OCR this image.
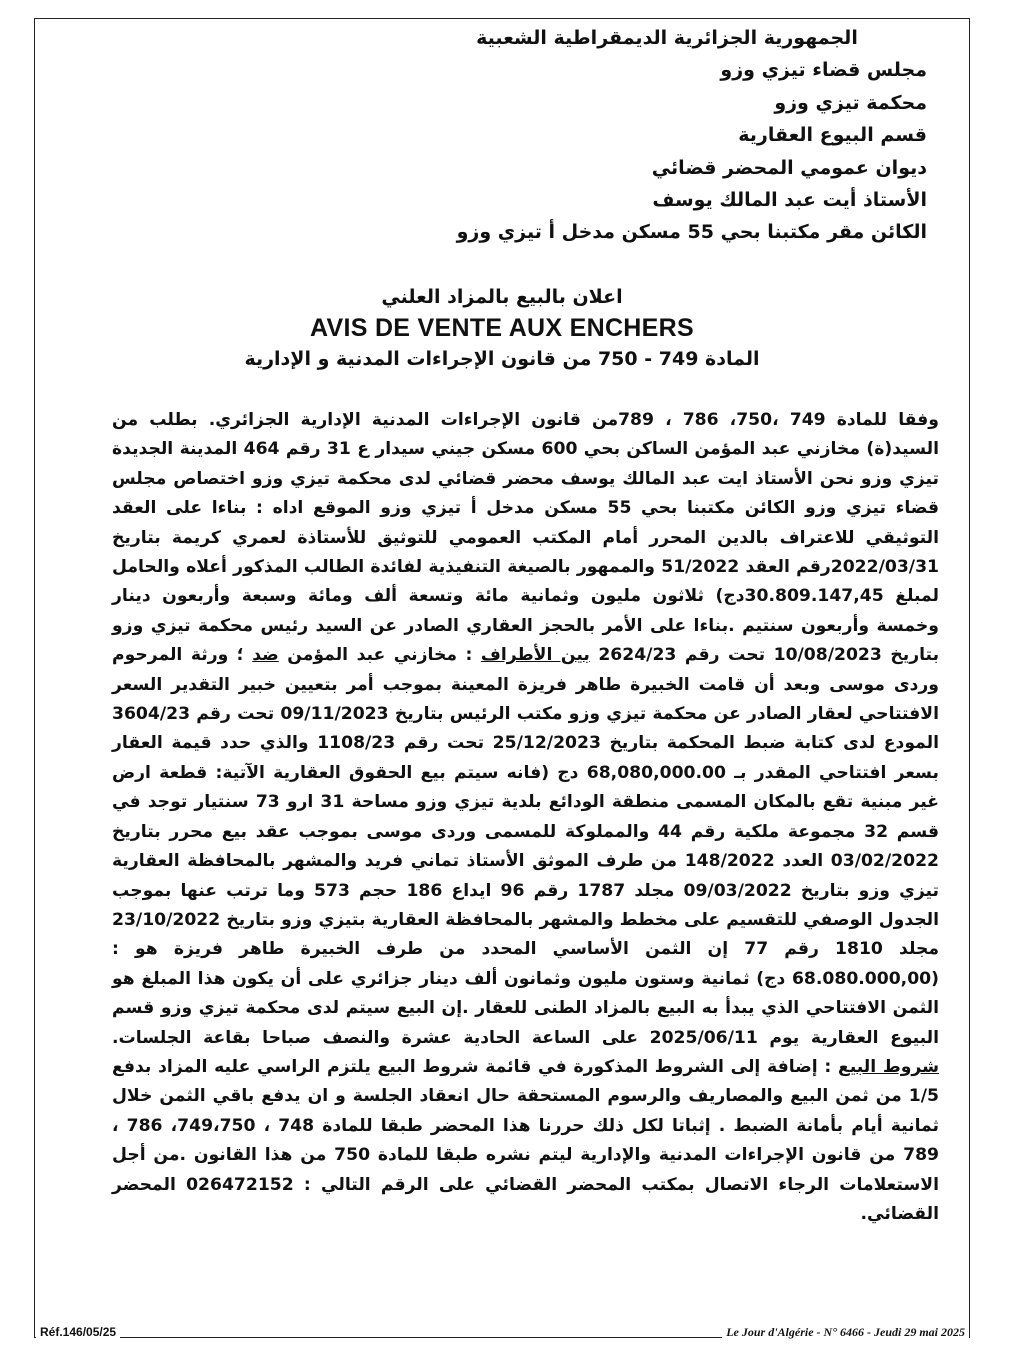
الجمهورية الجزائرية الديمقراطية الشعبية
مجلس قضاء تيزي وزو
محكمة تيزي وزو
قسم البيوع العقارية
ديوان عمومي المحضر قضائي
الأستاذ أيت عبد المالك يوسف
الكائن مقر مكتبنا بحي 55 مسكن مدخل أ تيزي وزو
اعلان بالبيع بالمزاد العلني
AVIS DE VENTE AUX ENCHERS
المادة 749 - 750 من قانون الإجراءات المدنية و الإدارية
وفقا للمادة 749 ،750، 786 ، 789من قانون الإجراءات المدنية الإدارية الجزائري. بطلب من السيد(ة) مخازني عبد المؤمن الساكن بحي 600 مسكن جيني سيدار ع 31 رقم 464 المدينة الجديدة تيزي وزو نحن الأستاذ ايت عبد المالك يوسف محضر قضائي لدى محكمة تيزي وزو اختصاص مجلس قضاء تيزي وزو الكائن مكتبنا بحي 55 مسكن مدخل أ تيزي وزو الموقع اداه : بناءا على العقد التوثيقي للاعتراف بالدين المحرر أمام المكتب العمومي للتوثيق للأستاذة لعمري كريمة بتاريخ 2022/03/31رقم العقد 51/2022 والممهور بالصيغة التنفيذية لفائدة الطالب المذكور أعلاه والحامل لمبلغ 30.809.147,45دج) ثلاثون مليون وثمانية مائة وتسعة ألف ومائة وسبعة وأربعون دينار وخمسة وأربعون سنتيم .بناءا على الأمر بالحجز العقاري الصادر عن السيد رئيس محكمة تيزي وزو بتاريخ 10/08/2023 تحت رقم 2624/23 بين الأطراف : مخازني عبد المؤمن ضد ؛ ورثة المرحوم وردى موسى وبعد أن قامت الخبيرة طاهر فريزة المعينة بموجب أمر بتعيين خبير التقدير السعر الافتتاحي لعقار الصادر عن محكمة تيزي وزو مكتب الرئيس بتاريخ 09/11/2023 تحت رقم 3604/23 المودع لدى كتابة ضبط المحكمة بتاريخ 25/12/2023 تحت رقم 1108/23 والذي حدد قيمة العقار بسعر افتتاحي المقدر بـ 68,080,000.00 دج (فانه سيتم بيع الحقوق العقارية الآتية: قطعة ارض غير مبنية تقع بالمكان المسمى منطقة الودائع بلدية تيزي وزو مساحة 31 ارو 73 سنتيار توجد في قسم 32 مجموعة ملكية رقم 44 والمملوكة للمسمى وردى موسى بموجب عقد بيع محرر بتاريخ 03/02/2022 العدد 148/2022 من طرف الموثق الأستاذ تماني فريد والمشهر بالمحافظة العقارية تيزي وزو بتاريخ 09/03/2022 مجلد 1787 رقم 96 ايداع 186 حجم 573 وما ترتب عنها بموجب الجدول الوصفي للتقسيم على مخطط والمشهر بالمحافظة العقارية بتيزي وزو بتاريخ 23/10/2022 مجلد 1810 رقم 77 إن الثمن الأساسي المحدد من طرف الخبيرة طاهر فريزة هو : (68.080.000,00 دج) ثمانية وستون مليون وثمانون ألف دينار جزائري على أن يكون هذا المبلغ هو الثمن الافتتاحي الذي يبدأ به البيع بالمزاد الطنى للعقار .إن البيع سيتم لدى محكمة تيزي وزو قسم البيوع العقارية يوم 2025/06/11 على الساعة الحادية عشرة والنصف صباحا بقاعة الجلسات. شروط البيع : إضافة إلى الشروط المذكورة في قائمة شروط البيع يلتزم الراسي عليه المزاد بدفع 1/5 من ثمن البيع والمصاريف والرسوم المستحقة حال انعقاد الجلسة و ان يدفع باقي الثمن خلال ثمانية أيام بأمانة الضبط . إثباتا لكل ذلك حررنا هذا المحضر طبقا للمادة 748 ، 749،750، 786 ، 789 من قانون الإجراءات المدنية والإدارية ليتم نشره طبقا للمادة 750 من هذا القانون .من أجل الاستعلامات الرجاء الاتصال بمكتب المحضر القضائي على الرقم التالي : 026472152 المحضر القضائي.
Réf.146/05/25	Le Jour d'Algérie - N° 6466 - Jeudi 29 mai 2025
